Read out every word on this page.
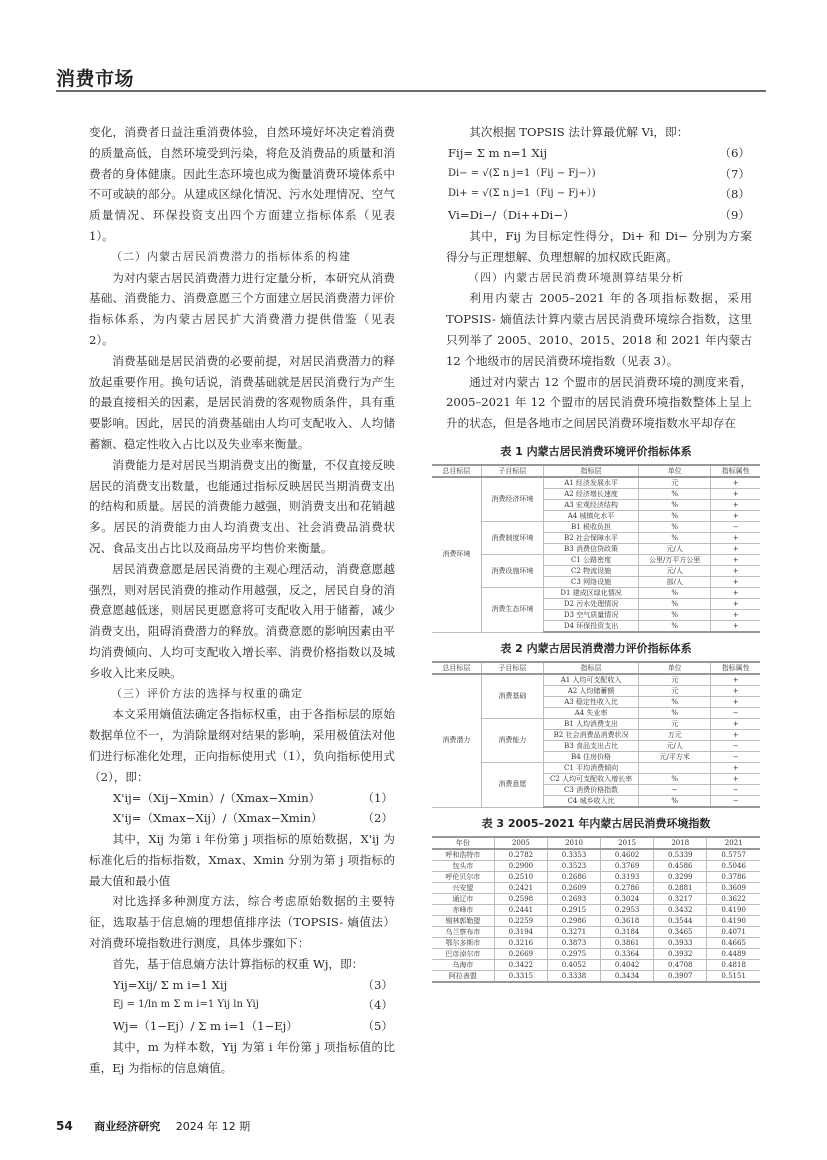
消费市场

变化，消费者日益注重消费体验，自然环境好坏决定着消费的质量高低，自然环境受到污染，将危及消费品的质量和消费者的身体健康。因此生态环境也成为衡量消费环境体系中不可或缺的部分。从建成区绿化情况、污水处理情况、空气质量情况、环保投资支出四个方面建立指标体系（见表 1）。

（二）内蒙古居民消费潜力的指标体系的构建

为对内蒙古居民消费潜力进行定量分析，本研究从消费基础、消费能力、消费意愿三个方面建立居民消费潜力评价指标体系，为内蒙古居民扩大消费潜力提供借鉴（见表 2）。

消费基础是居民消费的必要前提，对居民消费潜力的释放起重要作用。换句话说，消费基础就是居民消费行为产生的最直接相关的因素，是居民消费的客观物质条件，具有重要影响。因此，居民的消费基础由人均可支配收入、人均储蓄额、稳定性收入占比以及失业率来衡量。

消费能力是对居民当期消费支出的衡量，不仅直接反映居民的消费支出数量，也能通过指标反映居民当期消费支出的结构和质量。居民的消费能力越强，则消费支出和花销越多。居民的消费能力由人均消费支出、社会消费品消费状况、食品支出占比以及商品房平均售价来衡量。

居民消费意愿是居民消费的主观心理活动，消费意愿越强烈，则对居民消费的推动作用越强，反之，居民自身的消费意愿越低迷，则居民更愿意将可支配收入用于储蓄，减少消费支出，阻碍消费潜力的释放。消费意愿的影响因素由平均消费倾向、人均可支配收入增长率、消费价格指数以及城乡收入比来反映。

（三）评价方法的选择与权重的确定

本文采用熵值法确定各指标权重，由于各指标层的原始数据单位不一，为消除量纲对结果的影响，采用极值法对他们进行标准化处理，正向指标使用式（1），负向指标使用式（2），即：

X'ij=（Xij−Xmin）/（Xmax−Xmin）	（1）
X'ij=（Xmax−Xij）/（Xmax−Xmin）	（2）

其中，Xij 为第 i 年份第 j 项指标的原始数据，X'ij 为标准化后的指标指数，Xmax、Xmin 分别为第 j 项指标的最大值和最小值

对比选择多种测度方法，综合考虑原始数据的主要特征，选取基于信息熵的理想值排序法（TOPSIS- 熵值法）对消费环境指数进行测度，具体步骤如下：

首先，基于信息熵方法计算指标的权重 Wj，即：

Yij=Xij/ Σ m i=1 Xij	（3）
Ej = 1/ln m Σ m i=1 Yij ln Yij	（4）
Wj=（1−Ej）/ Σ m i=1（1−Ej）	（5）

其中，m 为样本数，Yij 为第 i 年份第 j 项指标值的比重，Ej 为指标的信息熵值。

其次根据 TOPSIS 法计算最优解 Vi，即：

Fij= Σ m n=1 Xij	（6）
Di− = √(Σ n j=1（Fij − Fj−）)	（7）
Di+ = √(Σ n j=1（Fij − Fj+）)	（8）
Vi=Di−/（Di++Di−）	（9）

其中，Fij 为目标定性得分，Di+ 和 Di− 分别为方案得分与正理想解、负理想解的加权欧氏距离。

（四）内蒙古居民消费环境测算结果分析

利用内蒙古 2005–2021 年的各项指标数据，采用 TOPSIS- 熵值法计算内蒙古居民消费环境综合指数，这里只列举了 2005、2010、2015、2018 和 2021 年内蒙古 12 个地级市的居民消费环境指数（见表 3）。

通过对内蒙古 12 个盟市的居民消费环境的测度来看，2005–2021 年 12 个盟市的居民消费环境指数整体上呈上升的状态，但是各地市之间居民消费环境指数水平却存在

表 1 内蒙古居民消费环境评价指标体系
总目标层	子目标层	指标层	单位	指标属性
消费环境	消费经济环境	A1 经济发展水平	元	+
		A2 经济增长速度	%	+
		A3 宏观经济结构	%	+
		A4 城镇化水平	%	+
	消费制度环境	B1 税收负担	%	−
		B2 社会保障水平	%	+
		B3 消费信贷政策	元/人	+
	消费设施环境	C1 公路密度	公里/万平方公里	+
		C2 物流设施	元/人	+
		C3 网络设施	部/人	+
	消费生态环境	D1 建成区绿化情况	%	+
		D2 污水处理情况	%	+
		D3 空气质量情况	%	+
		D4 环保投资支出	%	+
表 2 内蒙古居民消费潜力评价指标体系
总目标层	子目标层	指标层	单位	指标属性
消费潜力	消费基础	A1 人均可支配收入	元	+
		A2 人均储蓄额	元	+
		A3 稳定性收入比	%	+
		A4 失业率	%	−
	消费能力	B1 人均消费支出	元	+
		B2 社会消费品消费状况	万元	+
		B3 食品支出占比	元/人	−
		B4 住房价格	元/平方米	−
	消费意愿	C1 平均消费倾向		+
		C2 人均可支配收入增长率	%	+
		C3 消费价格指数	−	−
		C4 城乡收入比	%	−
表 3 2005–2021 年内蒙古居民消费环境指数
年份	2005	2010	2015	2018	2021
呼和浩特市	0.2782	0.3353	0.4602	0.5339	0.5757
包头市	0.2900	0.3523	0.3769	0.4586	0.5046
呼伦贝尔市	0.2510	0.2686	0.3193	0.3299	0.3786
兴安盟	0.2421	0.2609	0.2786	0.2881	0.3609
通辽市	0.2598	0.2693	0.3024	0.3217	0.3622
赤峰市	0.2441	0.2915	0.2953	0.3432	0.4190
锡林郭勒盟	0.2259	0.2986	0.3618	0.3544	0.4190
乌兰察布市	0.3194	0.3271	0.3184	0.3465	0.4071
鄂尔多斯市	0.3216	0.3873	0.3861	0.3933	0.4665
巴彦淖尔市	0.2669	0.2975	0.3364	0.3932	0.4489
乌海市	0.3422	0.4052	0.4042	0.4708	0.4818
阿拉善盟	0.3315	0.3338	0.3434	0.3907	0.5151
54 商业经济研究 2024 年 12 期
